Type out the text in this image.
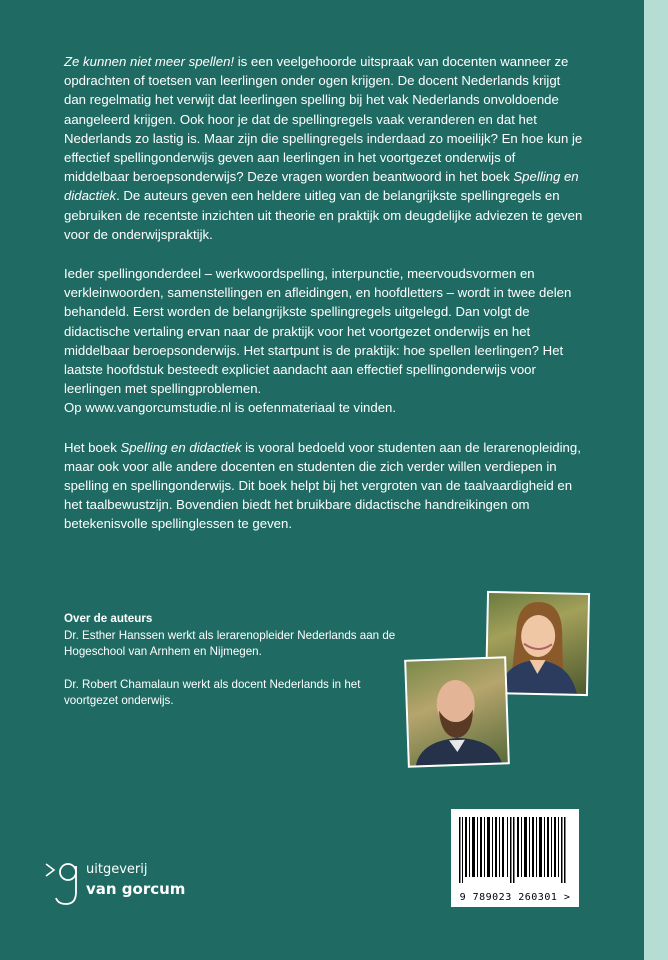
Ze kunnen niet meer spellen! is een veelgehoorde uitspraak van docenten wanneer ze opdrachten of toetsen van leerlingen onder ogen krijgen. De docent Nederlands krijgt dan regelmatig het verwijt dat leerlingen spelling bij het vak Nederlands onvoldoende aangeleerd krijgen. Ook hoor je dat de spellingregels vaak veranderen en dat het Nederlands zo lastig is. Maar zijn die spellingregels inderdaad zo moeilijk? En hoe kun je effectief spellingonderwijs geven aan leerlingen in het voortgezet onderwijs of middelbaar beroepsonderwijs? Deze vragen worden beantwoord in het boek Spelling en didactiek. De auteurs geven een heldere uitleg van de belangrijkste spellingregels en gebruiken de recentste inzichten uit theorie en praktijk om deugdelijke adviezen te geven voor de onderwijspraktijk.

Ieder spellingonderdeel – werkwoordspelling, interpunctie, meervoudsvormen en verkleinwoorden, samenstellingen en afleidingen, en hoofdletters – wordt in twee delen behandeld. Eerst worden de belangrijkste spellingregels uitgelegd. Dan volgt de didactische vertaling ervan naar de praktijk voor het voortgezet onderwijs en het middelbaar beroepsonderwijs. Het startpunt is de praktijk: hoe spellen leerlingen? Het laatste hoofdstuk besteedt expliciet aandacht aan effectief spellingonderwijs voor leerlingen met spellingproblemen.
Op www.vangorcumstudie.nl is oefenmateriaal te vinden.

Het boek Spelling en didactiek is vooral bedoeld voor studenten aan de lerarenopleiding, maar ook voor alle andere docenten en studenten die zich verder willen verdiepen in spelling en spellingonderwijs. Dit boek helpt bij het vergroten van de taalvaardigheid en het taalbewustzijn. Bovendien biedt het bruikbare didactische handreikingen om betekenisvolle spellinglessen te geven.

Over de auteurs

Dr. Esther Hanssen werkt als lerarenopleider Nederlands aan de Hogeschool van Arnhem en Nijmegen.

Dr. Robert Chamalaun werkt als docent Nederlands in het voortgezet onderwijs.

9 789023 260301 >
uitgeverij
van gorcum
